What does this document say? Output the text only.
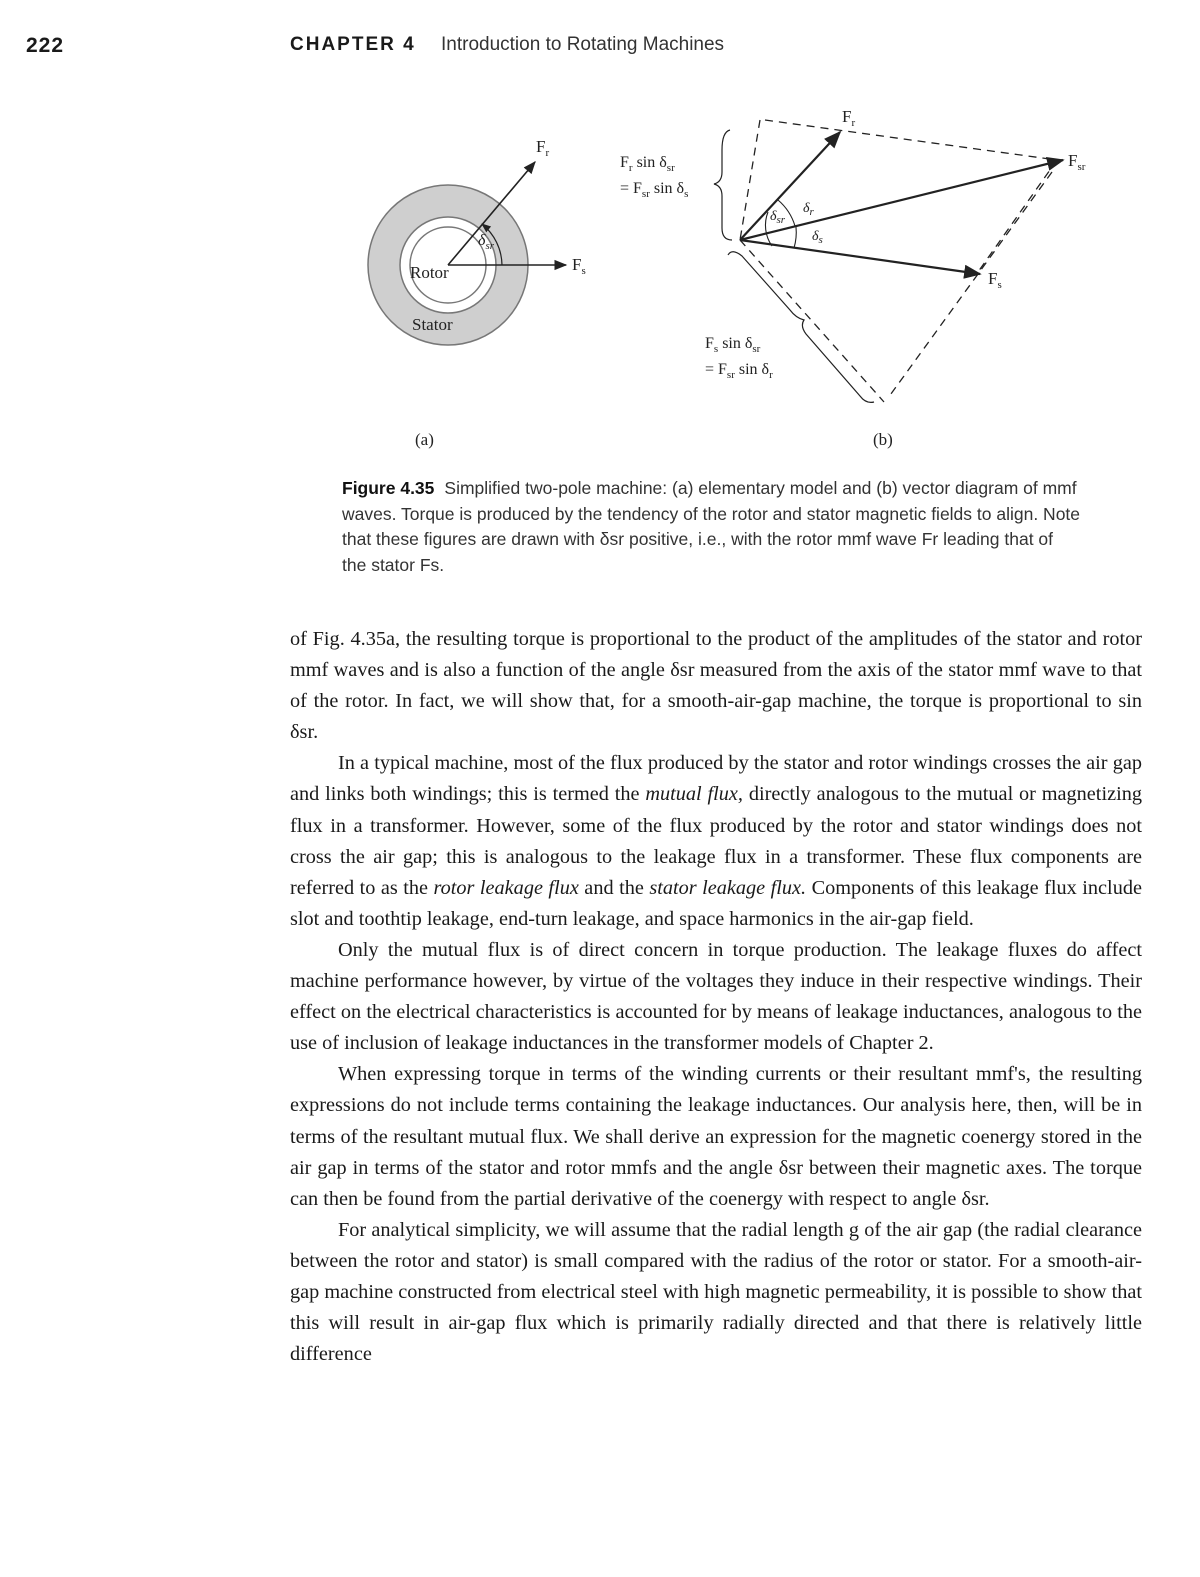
222	CHAPTER 4 Introduction to Rotating Machines
Rotor
Stator
$F_r$
$F_s$
$\delta_{sr}$
(a)
$F_r$
$F_{sr}$
$F_s$
$\delta_{sr}$
$\delta_r$
$\delta_s$
$F_r$ $\sin \delta_{sr}$
= $F_{sr}$ $\sin \delta_s$
$F_s$ $\sin \delta_{sr}$
= $F_{sr}$ $\sin \delta_r$
(b)
Figure 4.35 Simplified two-pole machine: (a) elementary model and (b) vector diagram of mmf waves. Torque is produced by the tendency of the rotor and stator magnetic fields to align. Note that these figures are drawn with δsr positive, i.e., with the rotor mmf wave Fr leading that of the stator Fs.

of Fig. 4.35a, the resulting torque is proportional to the product of the amplitudes of the stator and rotor mmf waves and is also a function of the angle δsr measured from the axis of the stator mmf wave to that of the rotor. In fact, we will show that, for a smooth-air-gap machine, the torque is proportional to sin δsr.

In a typical machine, most of the flux produced by the stator and rotor windings crosses the air gap and links both windings; this is termed the mutual flux, directly analogous to the mutual or magnetizing flux in a transformer. However, some of the flux produced by the rotor and stator windings does not cross the air gap; this is analogous to the leakage flux in a transformer. These flux components are referred to as the rotor leakage flux and the stator leakage flux. Components of this leakage flux include slot and toothtip leakage, end-turn leakage, and space harmonics in the air-gap field.

Only the mutual flux is of direct concern in torque production. The leakage fluxes do affect machine performance however, by virtue of the voltages they induce in their respective windings. Their effect on the electrical characteristics is accounted for by means of leakage inductances, analogous to the use of inclusion of leakage inductances in the transformer models of Chapter 2.

When expressing torque in terms of the winding currents or their resultant mmf's, the resulting expressions do not include terms containing the leakage inductances. Our analysis here, then, will be in terms of the resultant mutual flux. We shall derive an expression for the magnetic coenergy stored in the air gap in terms of the stator and rotor mmfs and the angle δsr between their magnetic axes. The torque can then be found from the partial derivative of the coenergy with respect to angle δsr.

For analytical simplicity, we will assume that the radial length g of the air gap (the radial clearance between the rotor and stator) is small compared with the radius of the rotor or stator. For a smooth-air-gap machine constructed from electrical steel with high magnetic permeability, it is possible to show that this will result in air-gap flux which is primarily radially directed and that there is relatively little difference
